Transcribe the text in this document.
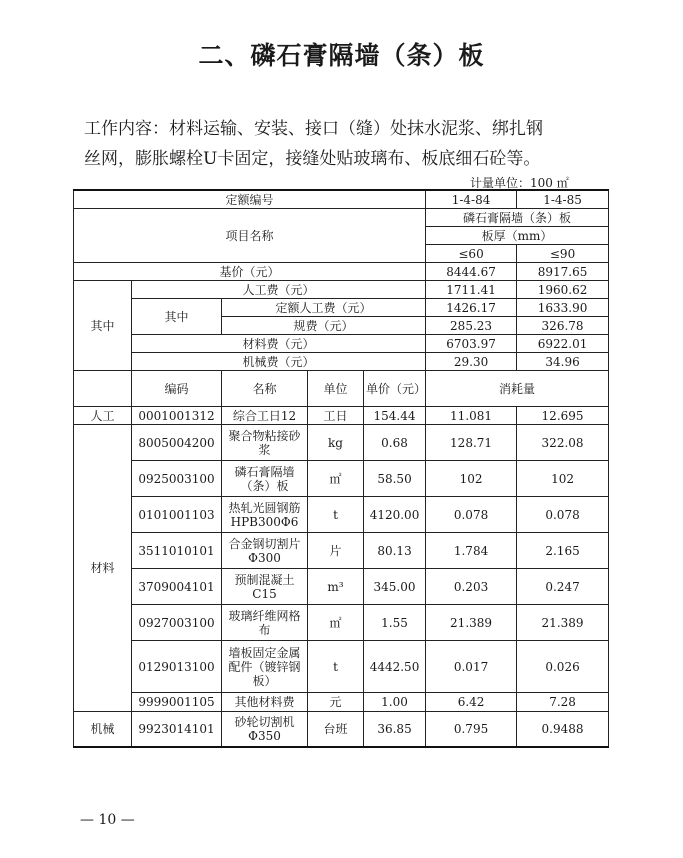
二、磷石膏隔墙（条）板

工作内容：材料运输、安装、接口（缝）处抹水泥浆、绑扎钢

丝网，膨胀螺栓U卡固定，接缝处贴玻璃布、板底细石砼等。

计量单位：100 ㎡
定额编号					1-4-84	1-4-85
项目名称					磷石膏隔墙（条）板	
					板厚（mm）	
					≤60	≤90
基价（元）					8444.67	8917.65
其中	人工费（元）				1711.41	1960.62
	其中	定额人工费（元）			1426.17	1633.90
		规费（元）			285.23	326.78
	材料费（元）				6703.97	6922.01
	机械费（元）				29.30	34.96
	编码	名称	单位	单价（元）	消耗量	
人工	0001001312	综合工日12	工日	154.44	11.081	12.695
材料	8005004200	聚合物粘接砂浆	kg	0.68	128.71	322.08
	0925003100	磷石膏隔墙（条）板	㎡	58.50	102	102
	0101001103	热轧光圆钢筋HPB300Φ6	t	4120.00	0.078	0.078
	3511010101	合金钢切割片Φ300	片	80.13	1.784	2.165
	3709004101	预制混凝土C15	m³	345.00	0.203	0.247
	0927003100	玻璃纤维网格布	㎡	1.55	21.389	21.389
	0129013100	墙板固定金属配件（镀锌钢板）	t	4442.50	0.017	0.026
	9999001105	其他材料费	元	1.00	6.42	7.28
机械	9923014101	砂轮切割机Φ350	台班	36.85	0.795	0.9488
— 10 —
